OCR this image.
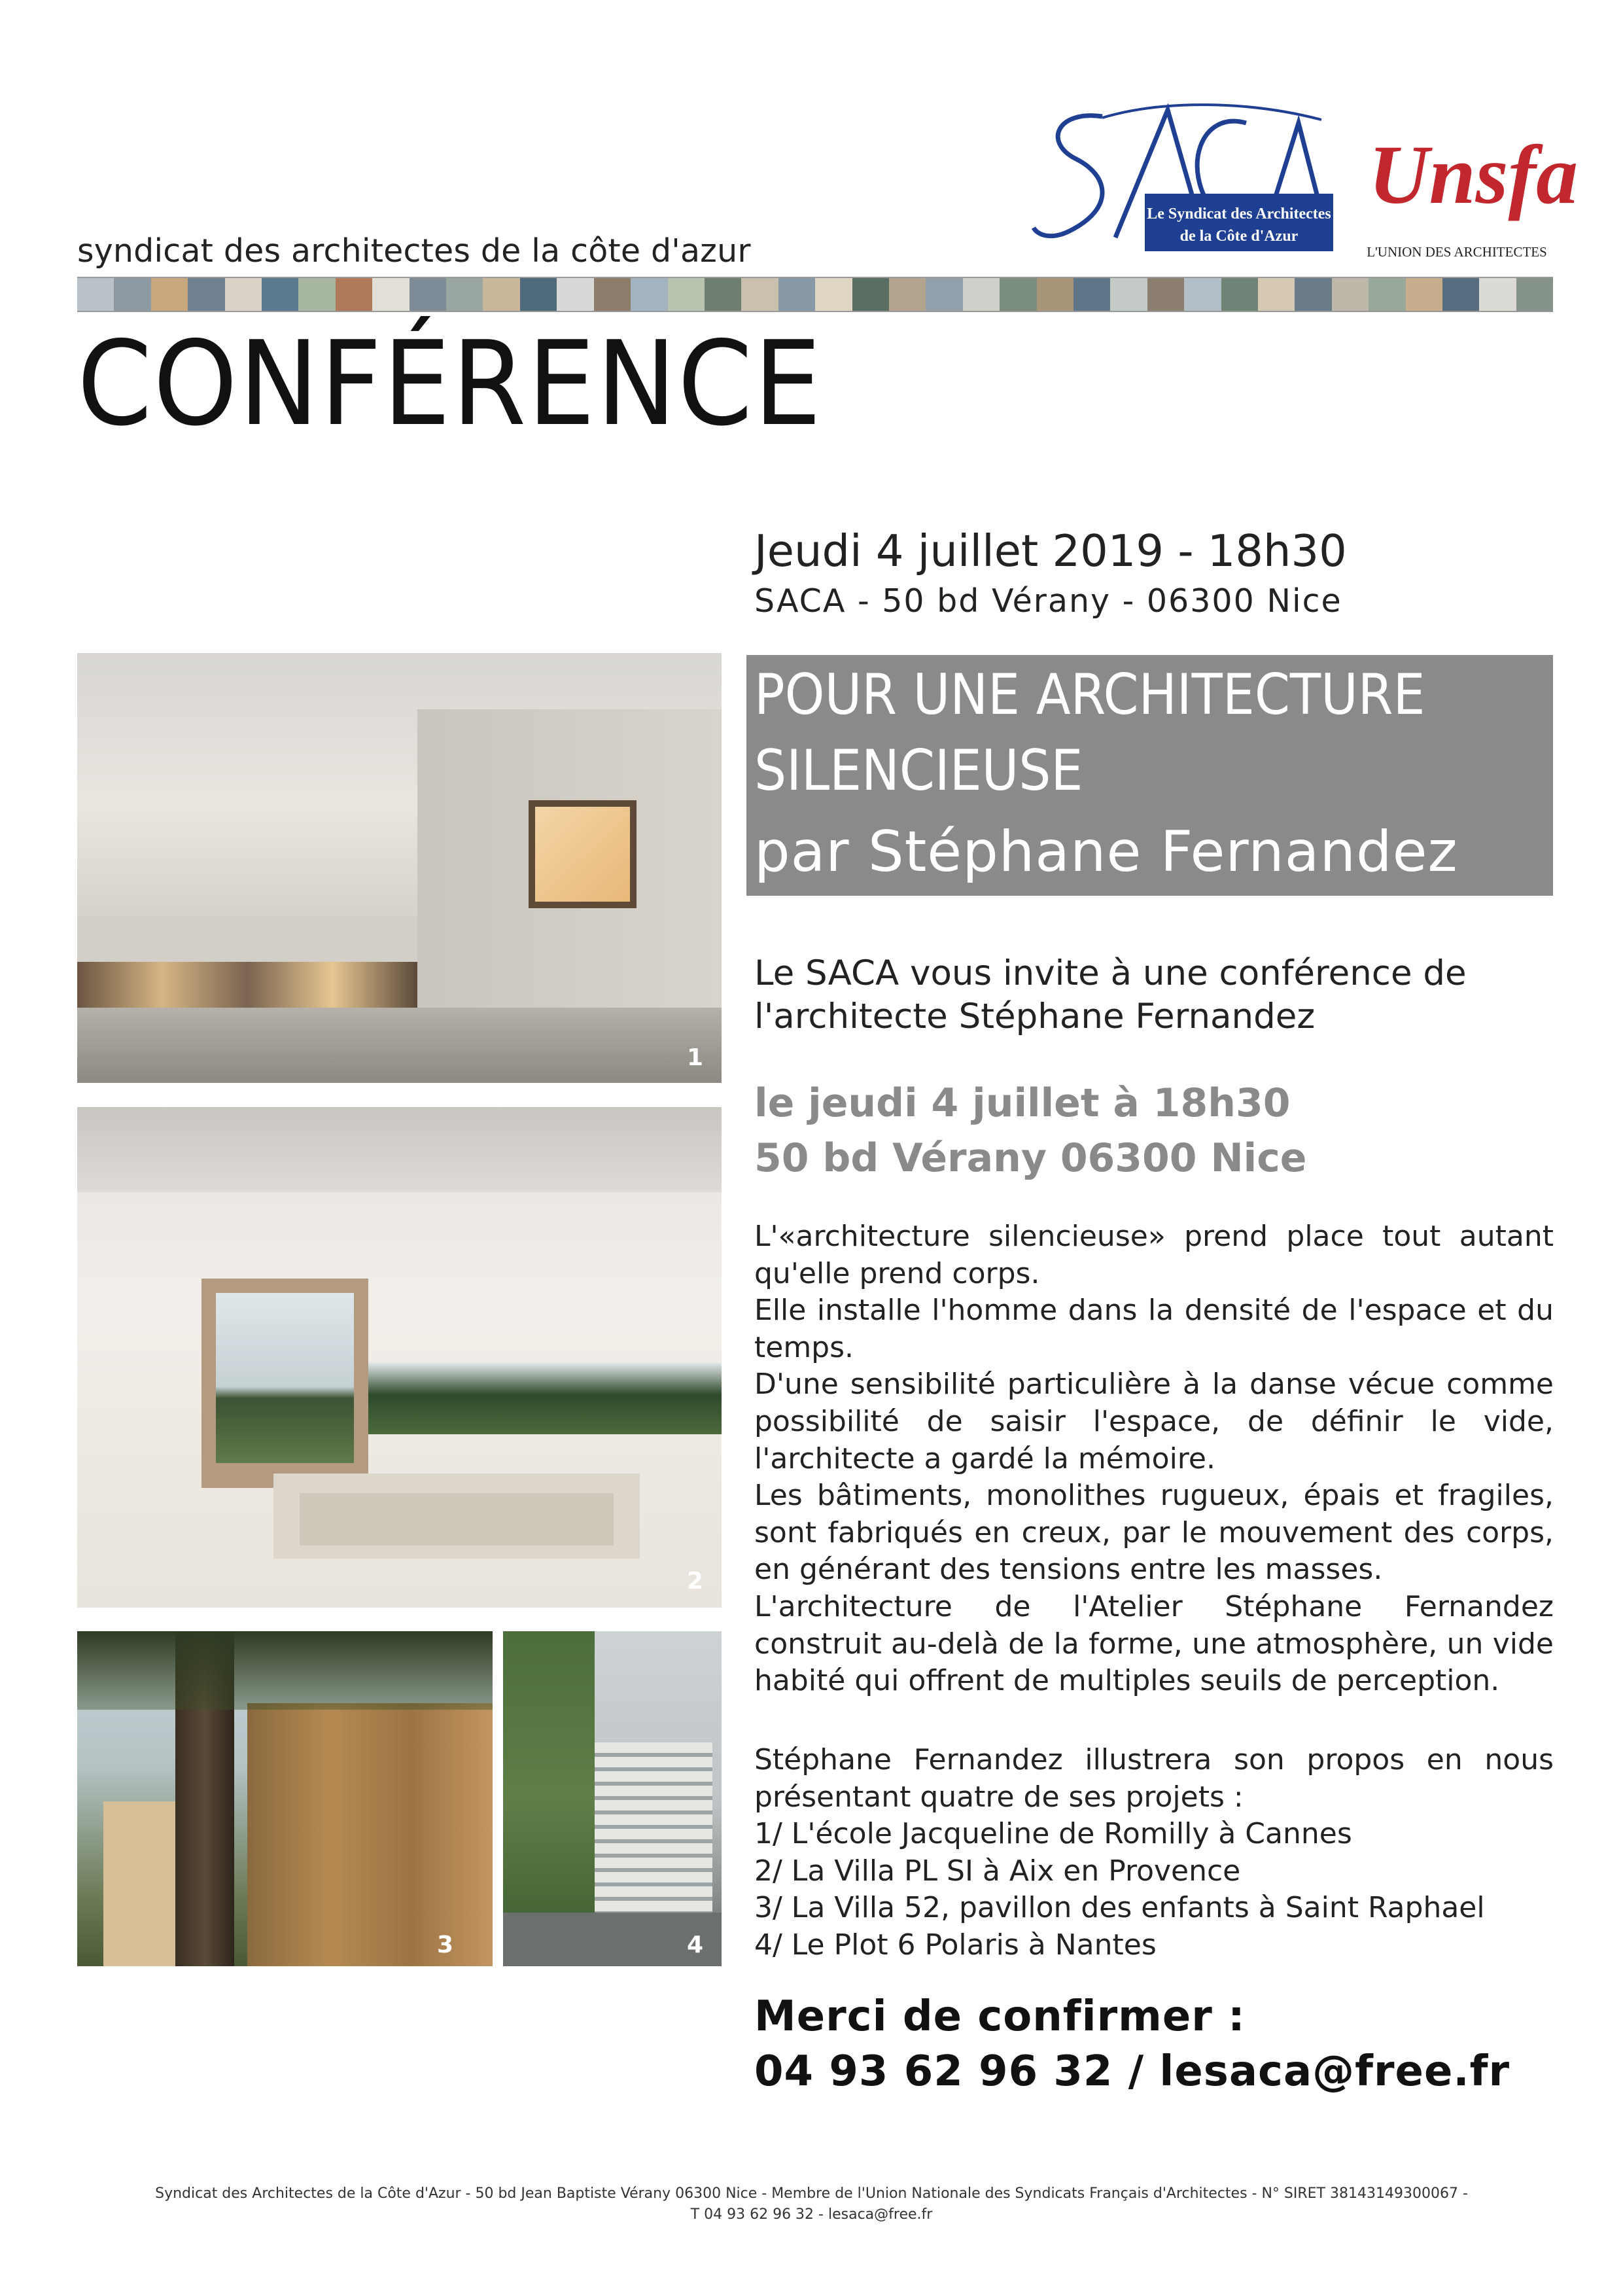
Le Syndicat des Architectes
de la Côte d'Azur
Unsfa
L'UNION DES ARCHITECTES
syndicat des architectes de la côte d'azur
CONFÉRENCE
1
2
3	4
Jeudi 4 juillet 2019 - 18h30
SACA - 50 bd Vérany - 06300 Nice
POUR UNE ARCHITECTURE
SILENCIEUSE
par Stéphane Fernandez
Le SACA vous invite à une conférence de l'architecte Stéphane Fernandez
le jeudi 4 juillet à 18h30
50 bd Vérany 06300 Nice

L'«architecture silencieuse» prend place tout autant qu'elle prend corps.

Elle installe l'homme dans la densité de l'espace et du temps.

D'une sensibilité particulière à la danse vécue comme possibilité de saisir l'espace, de définir le vide, l'architecte a gardé la mémoire.

Les bâtiments, monolithes rugueux, épais et fragiles, sont fabriqués en creux, par le mouvement des corps, en générant des tensions entre les masses.

L'architecture de l'Atelier Stéphane Fernandez construit au-delà de la forme, une atmosphère, un vide habité qui offrent de multiples seuils de perception.

Stéphane Fernandez illustrera son propos en nous présentant quatre de ses projets :

1/ L'école Jacqueline de Romilly à Cannes

2/ La Villa PL SI à Aix en Provence

3/ La Villa 52, pavillon des enfants à Saint Raphael

4/ Le Plot 6 Polaris à Nantes

Merci de confirmer :
04 93 62 96 32 / lesaca@free.fr
Syndicat des Architectes de la Côte d'Azur - 50 bd Jean Baptiste Vérany 06300 Nice - Membre de l'Union Nationale des Syndicats Français d'Architectes - N° SIRET 38143149300067 -
T 04 93 62 96 32 - lesaca@free.fr
